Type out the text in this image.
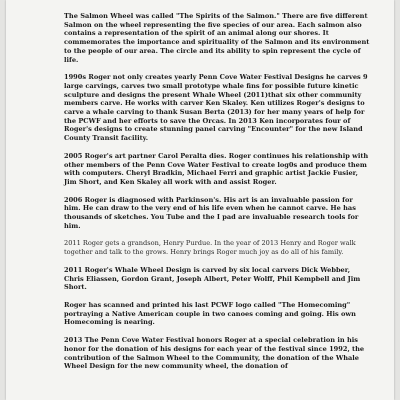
The Salmon Wheel was called "The Spirits of the Salmon." There are five different Salmon on the wheel representing the five species of our area. Each salmon also contains a representation of the spirit of an animal along our shores. It commemorates the importance and spirituality of the Salmon and its environment to the people of our area. The circle and its ability to spin represent the cycle of life.

1990s Roger not only creates yearly Penn Cove Water Festival Designs he carves 9 large carvings, carves two small prototype whale fins for possible future kinetic sculpture and designs the present Whale Wheel (2011)that six other community members carve. He works with carver Ken Skaley. Ken utilizes Roger's designs to carve a whale carving to thank Susan Berta (2013) for her many years of help for the PCWF and her efforts to save the Orcas. In 2013 Ken incorporates four of Roger's designs to create stunning panel carving "Encounter" for the new Island County Transit facility.

2005 Roger's art partner Carol Peralta dies. Roger continues his relationship with other members of the Penn Cove Water Festival to create log0s and produce them with computers. Cheryl Bradkin, Michael Ferri and graphic artist Jackie Fusier, Jim Short, and Ken Skaley all work with and assist Roger.

2006 Roger is diagnosed with Parkinson's. His art is an invaluable passion for him. He can draw to the very end of his life even when he cannot carve. He has thousands of sketches. You Tube and the I pad are invaluable research tools for him.

2011 Roger gets a grandson, Henry Purdue. In the year of 2013 Henry and Roger walk together and talk to the grows. Henry brings Roger much joy as do all of his family.

2011 Roger's Whale Wheel Design is carved by six local carvers Dick Webber, Chris Eliassen, Gordon Grant, Joseph Albert, Peter Wolff, Phil Kempbell and Jim Short.

Roger has scanned and printed his last PCWF logo called "The Homecoming" portraying a Native American couple in two canoes coming and going. His own Homecoming is nearing.

2013 The Penn Cove Water Festival honors Roger at a special celebration in his honor for the donation of his designs for each year of the festival since 1992, the contribution of the Salmon Wheel to the Community, the donation of the Whale Wheel Design for the new community wheel, the donation of
